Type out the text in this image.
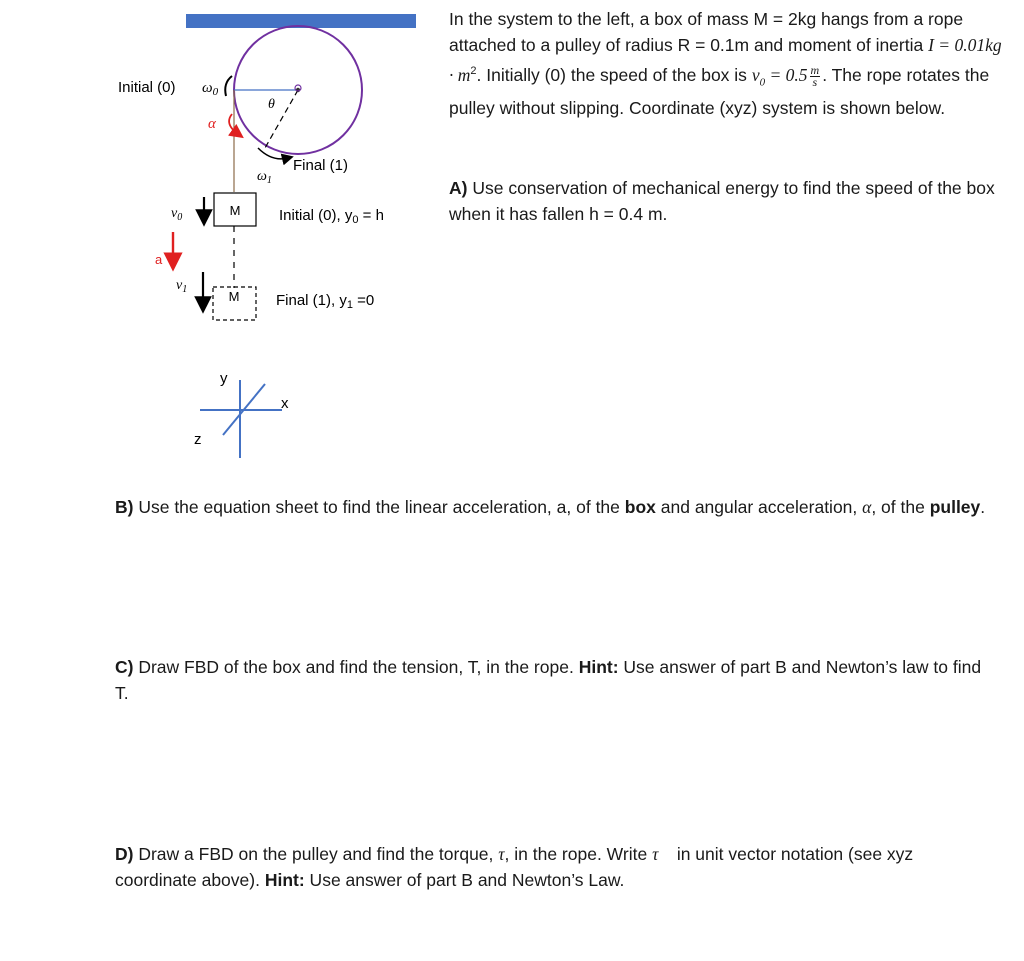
Initial (0) $\omega_0$
θ
α
Final (1)
$\omega_1$
$v_0$	M	Initial (0), $y_0 = h$
a
$v_1$	M Final (1), $y_1 =0$
y
x
z

In the system to the left, a box of mass M = 2kg hangs from a rope attached to a pulley of radius R = 0.1m and moment of inertia $I = 0.01kg \cdot m^2$. Initially (0) the speed of the box is $v_0 = 0.5 \frac{m}{s}$ . The rope rotates the pulley without slipping. Coordinate (xyz) system is shown below.

A) Use conservation of mechanical energy to find the speed of the box when it has fallen h = 0.4 m.

B) Use the equation sheet to find the linear acceleration, a, of the box and angular acceleration, α, of the pulley.

C) Draw FBD of the box and find the tension, T, in the rope. Hint: Use answer of part B and Newton’s law to find T.

D) Draw a FBD on the pulley and find the torque, τ, in the rope. Write τ⃗ in unit vector notation (see xyz coordinate above). Hint: Use answer of part B and Newton’s Law.
